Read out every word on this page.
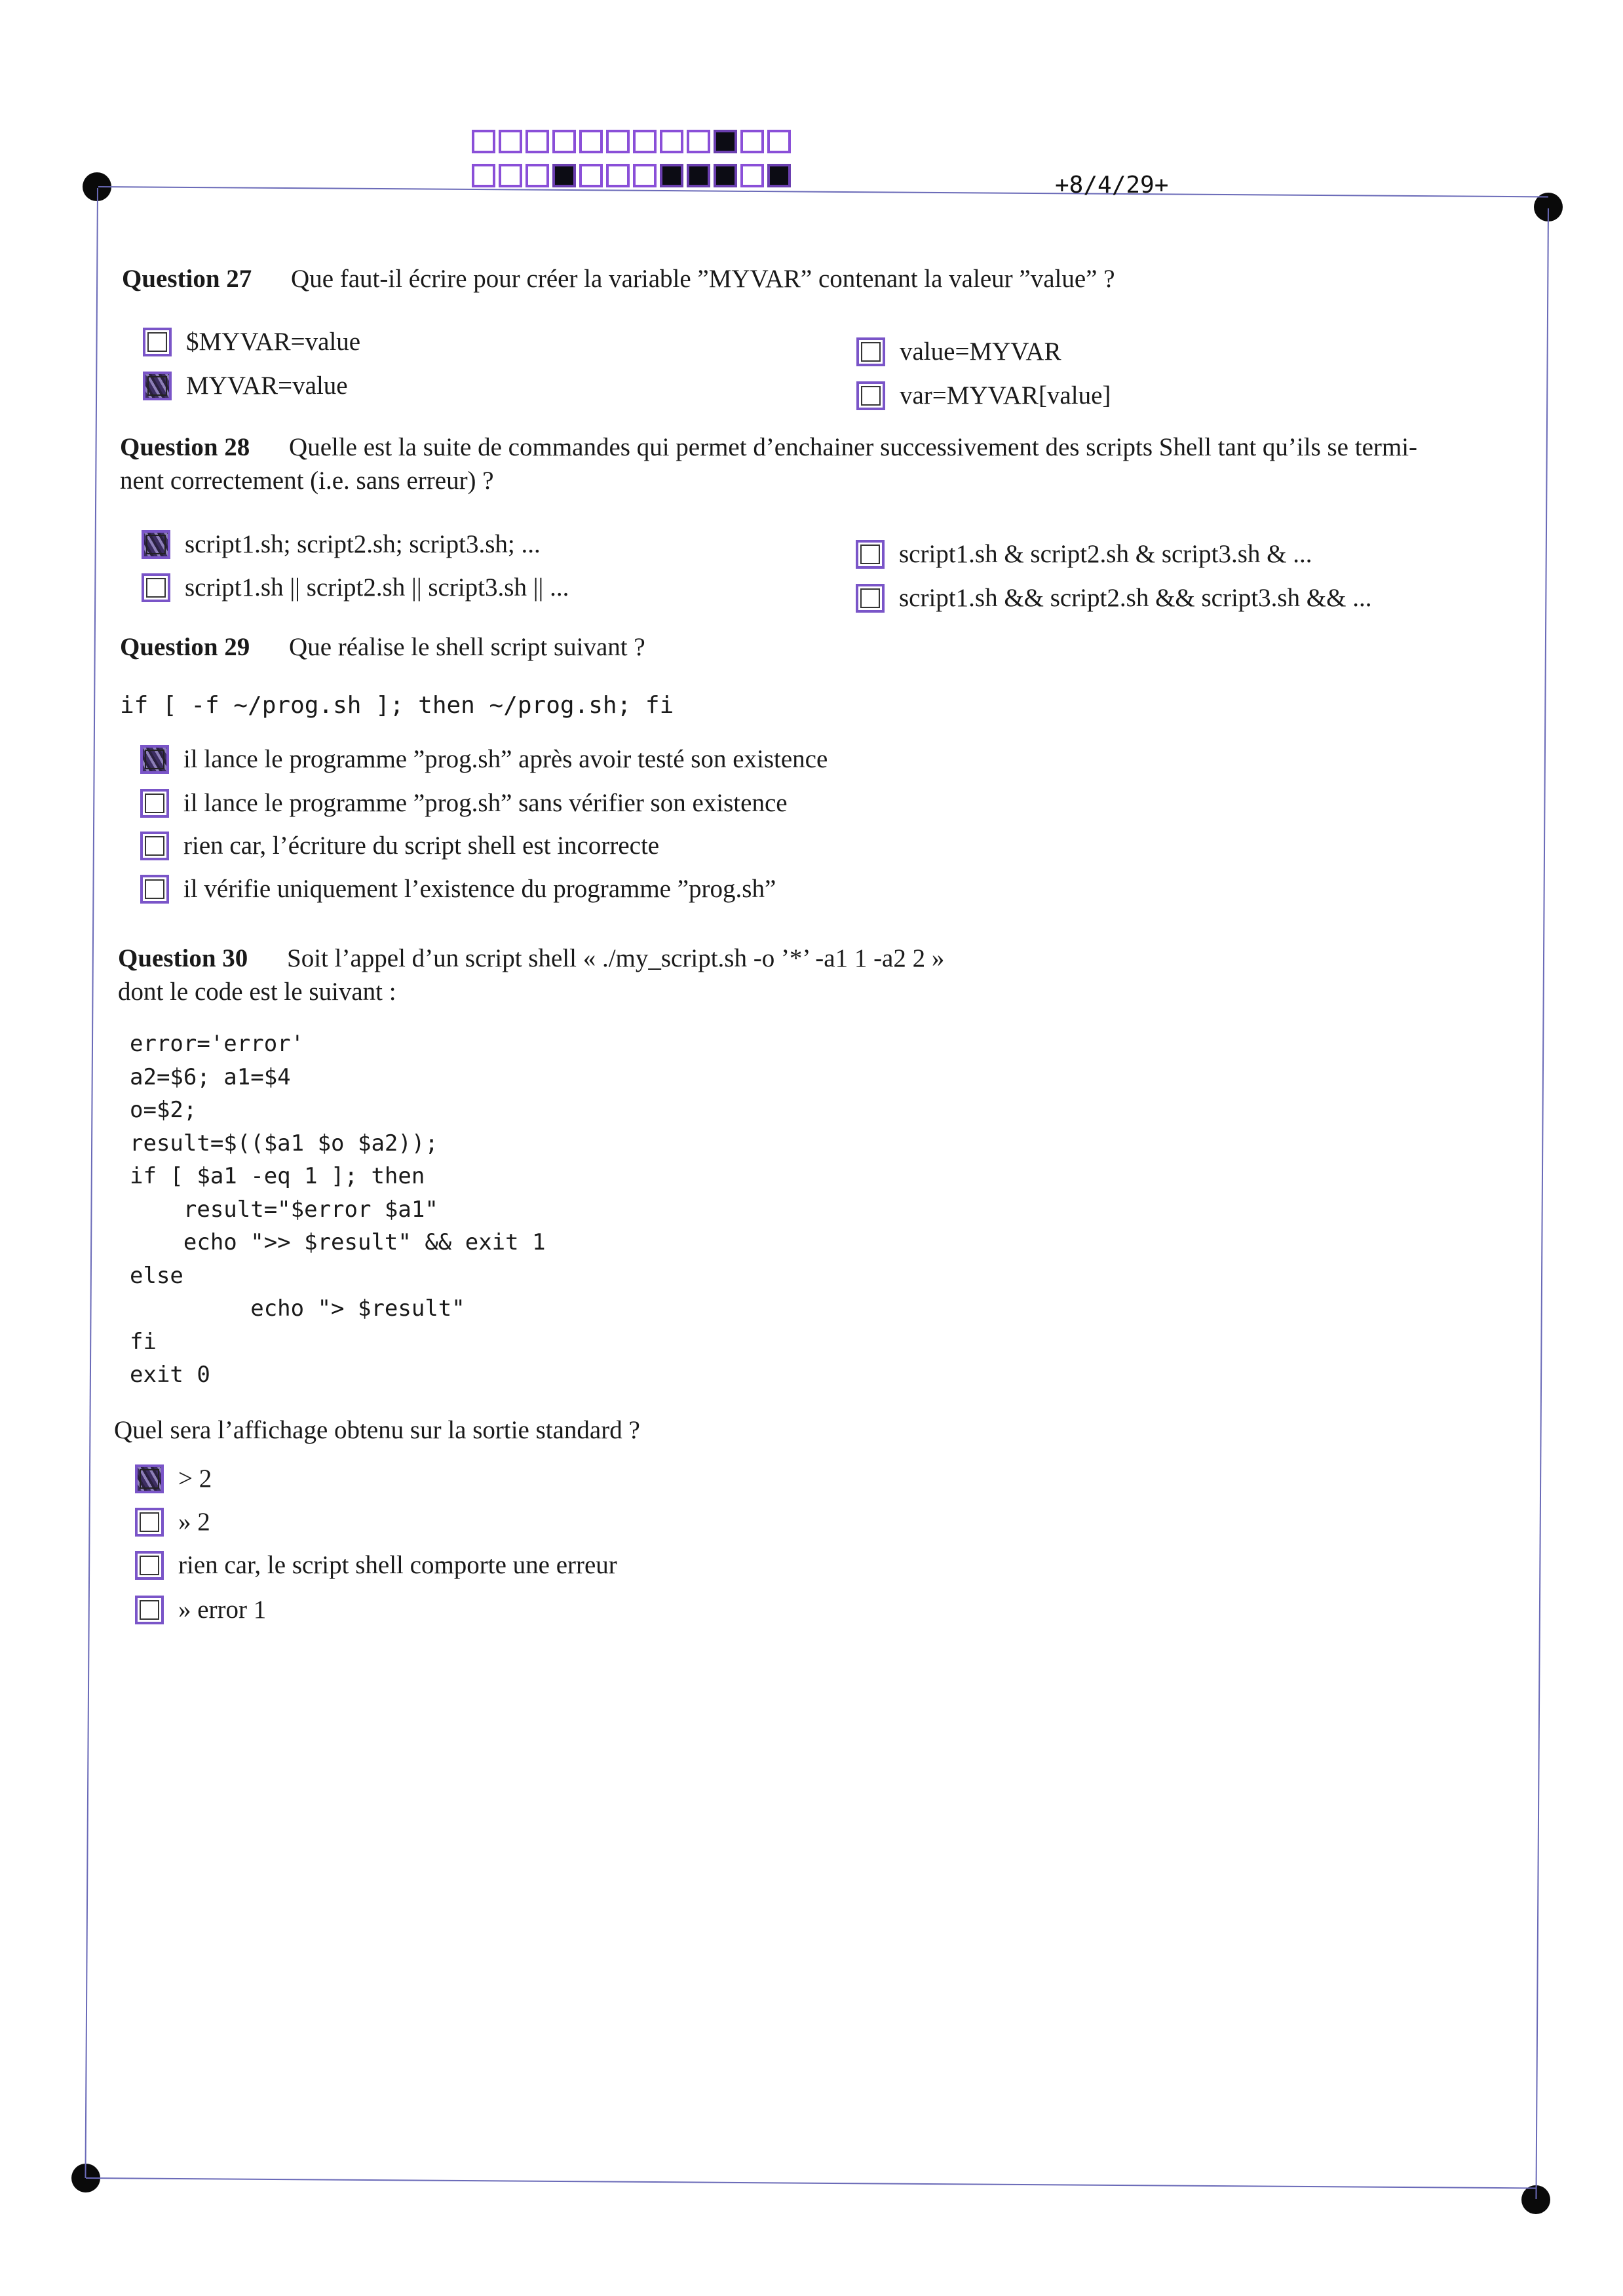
+8/4/29+
Question 27 Que faut-il écrire pour créer la variable ”MYVAR” contenant la valeur ”value” ?
$MYVAR=value
MYVAR=value
value=MYVAR
var=MYVAR[value]
Question 28 Quelle est la suite de commandes qui permet d’enchainer successivement des scripts Shell tant qu’ils se termi-
nent correctement (i.e. sans erreur) ?
script1.sh; script2.sh; script3.sh; ...
script1.sh || script2.sh || script3.sh || ...
script1.sh & script2.sh & script3.sh & ...
script1.sh && script2.sh && script3.sh && ...
Question 29 Que réalise le shell script suivant ?
if [ -f ~/prog.sh ]; then ~/prog.sh; fi
il lance le programme ”prog.sh” après avoir testé son existence
il lance le programme ”prog.sh” sans vérifier son existence
rien car, l’écriture du script shell est incorrecte
il vérifie uniquement l’existence du programme ”prog.sh”
Question 30 Soit l’appel d’un script shell « ./my_script.sh -o ’*’ -a1 1 -a2 2 »
dont le code est le suivant :
error='error'
a2=$6; a1=$4
o=$2;
result=$(($a1 $o $a2));
if [ $a1 -eq 1 ]; then
result="$error $a1"
echo ">> $result" && exit 1
else
echo "> $result"
fi
exit 0
Quel sera l’affichage obtenu sur la sortie standard ?
> 2
» 2
rien car, le script shell comporte une erreur
» error 1
